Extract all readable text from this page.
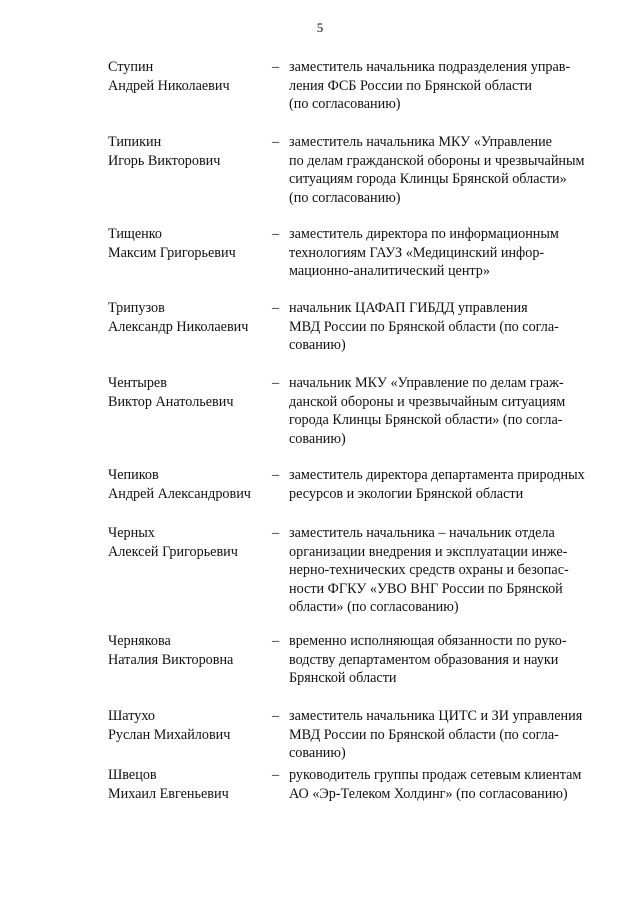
5
Ступин
Андрей Николаевич
– заместитель начальника подразделения управ-
ления ФСБ России по Брянской области
(по согласованию)
Типикин
Игорь Викторович
– заместитель начальника МКУ «Управление
по делам гражданской обороны и чрезвычайным
ситуациям города Клинцы Брянской области»
(по согласованию)
Тищенко
Максим Григорьевич
– заместитель директора по информационным
технологиям ГАУЗ «Медицинский инфор-
мационно-аналитический центр»
Трипузов
Александр Николаевич
– начальник ЦАФАП ГИБДД управления
МВД России по Брянской области (по согла-
сованию)
Чентырев
Виктор Анатольевич
– начальник МКУ «Управление по делам граж-
данской обороны и чрезвычайным ситуациям
города Клинцы Брянской области» (по согла-
сованию)
Чепиков
Андрей Александрович
– заместитель директора департамента природных
ресурсов и экологии Брянской области
Черных
Алексей Григорьевич
– заместитель начальника – начальник отдела
организации внедрения и эксплуатации инже-
нерно-технических средств охраны и безопас-
ности ФГКУ «УВО ВНГ России по Брянской
области» (по согласованию)
Чернякова
Наталия Викторовна
– временно исполняющая обязанности по руко-
водству департаментом образования и науки
Брянской области
Шатухо
Руслан Михайлович
– заместитель начальника ЦИТС и ЗИ управления
МВД России по Брянской области (по согла-
сованию)
Швецов
Михаил Евгеньевич
– руководитель группы продаж сетевым клиентам
АО «Эр-Телеком Холдинг» (по согласованию)
